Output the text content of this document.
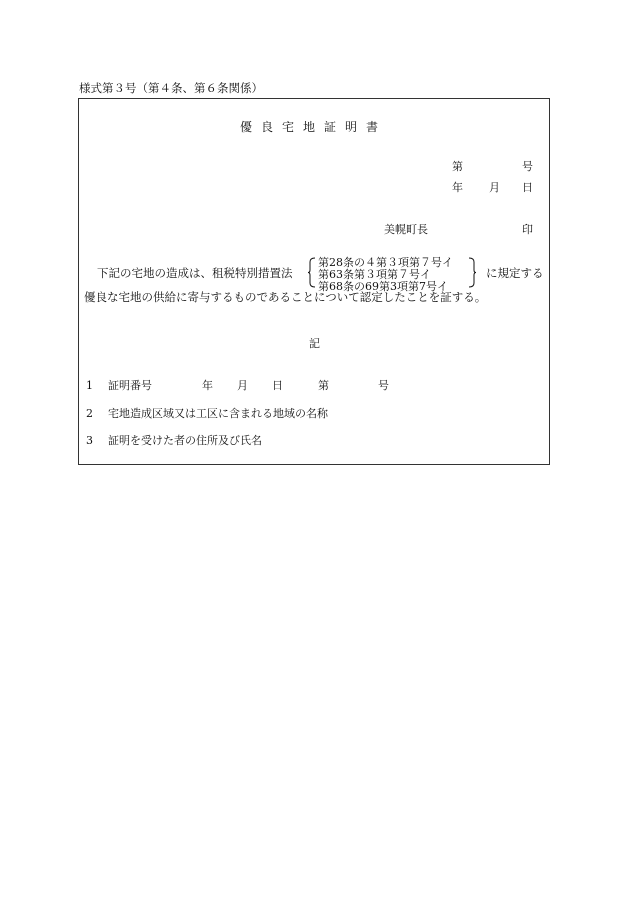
様式第３号（第４条、第６条関係）
優良宅地証明書
第	号
年 月 日
美幌町長	印
下記の宅地の造成は、租税特別措置法
第28条の４第３項第７号イ
第63条第３項第７号イ
第68条の69第3項第7号イ
に規定する
優良な宅地の供給に寄与するものであることについて認定したことを証する。
記
1 証明番号	年 月 日	第	号
2 宅地造成区域又は工区に含まれる地域の名称
3 証明を受けた者の住所及び氏名
